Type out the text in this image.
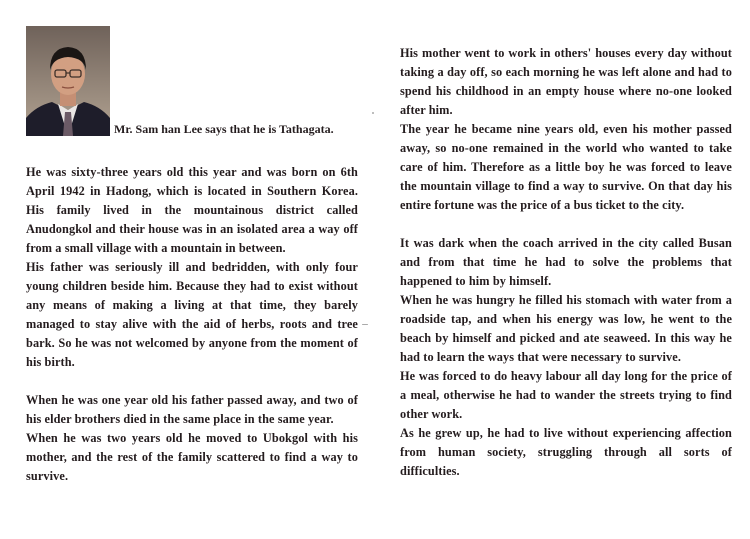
Mr. Sam han Lee says that he is Tathagata.

He was sixty-three years old this year and was born on 6th April 1942 in Hadong, which is located in Southern Korea. His family lived in the mountainous district called Anudongkol and their house was in an isolated area a way off from a small village with a mountain in between.

His father was seriously ill and bedridden, with only four young children beside him. Because they had to exist without any means of making a living at that time, they barely managed to stay alive with the aid of herbs, roots and tree bark. So he was not welcomed by anyone from the moment of his birth.

When he was one year old his father passed away, and two of his elder brothers died in the same place in the same year.

When he was two years old he moved to Ubokgol with his mother, and the rest of the family scattered to find a way to survive.

His mother went to work in others' houses every day without taking a day off, so each morning he was left alone and had to spend his childhood in an empty house where no-one looked after him.

The year he became nine years old, even his mother passed away, so no-one remained in the world who wanted to take care of him. Therefore as a little boy he was forced to leave the mountain village to find a way to survive. On that day his entire fortune was the price of a bus ticket to the city.

It was dark when the coach arrived in the city called Busan and from that time he had to solve the problems that happened to him by himself.

When he was hungry he filled his stomach with water from a roadside tap, and when his energy was low, he went to the beach by himself and picked and ate seaweed. In this way he had to learn the ways that were necessary to survive.

He was forced to do heavy labour all day long for the price of a meal, otherwise he had to wander the streets trying to find other work.

As he grew up, he had to live without experiencing affection from human society, struggling through all sorts of difficulties.
